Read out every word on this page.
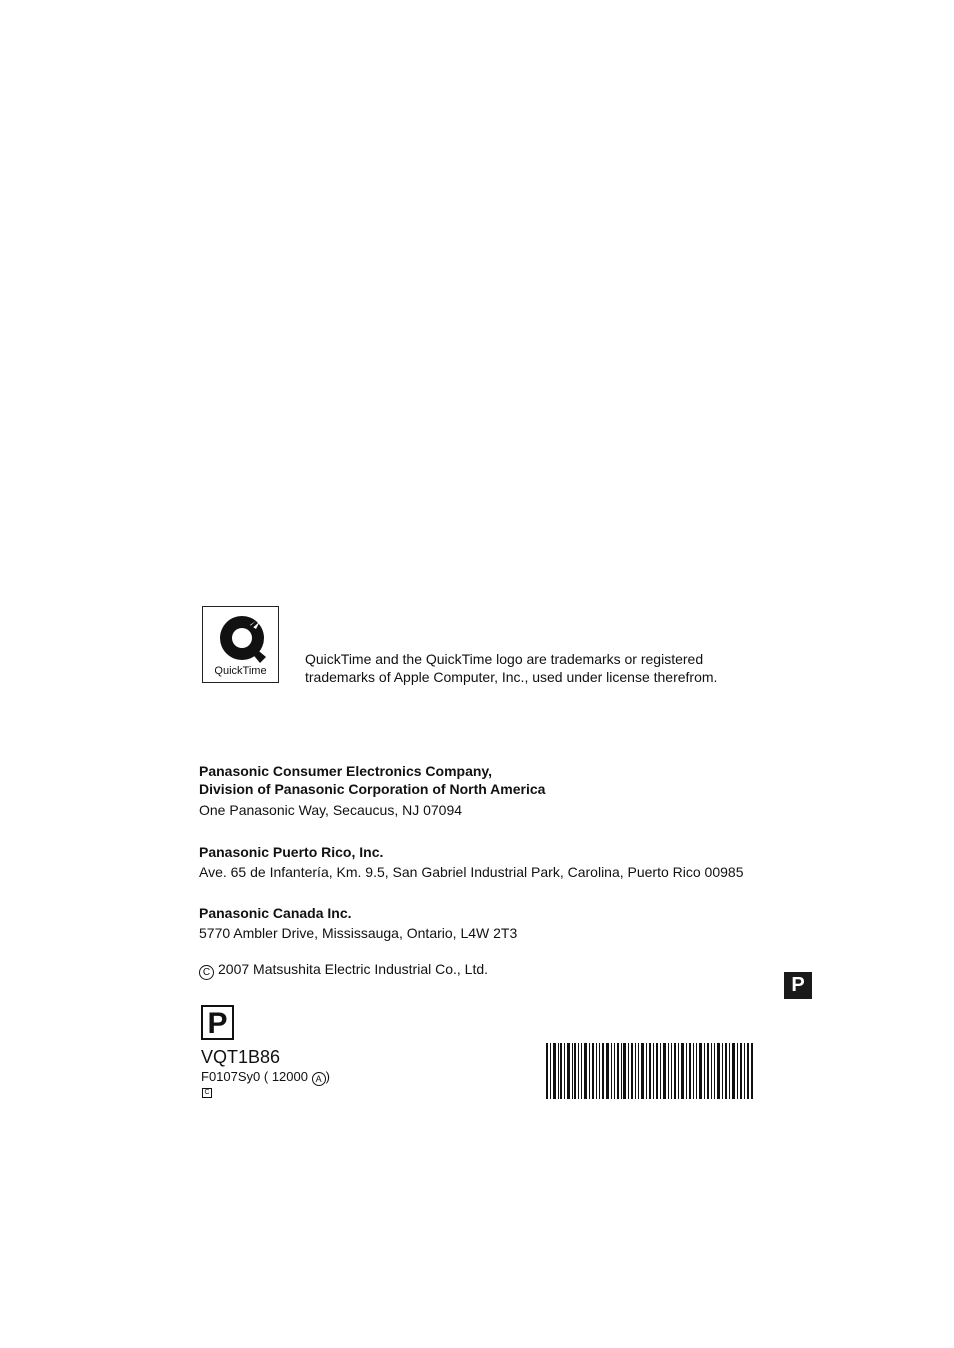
QuickTime
QuickTime and the QuickTime logo are trademarks or registered
trademarks of Apple Computer, Inc., used under license therefrom.
Panasonic Consumer Electronics Company,
Division of Panasonic Corporation of North America
One Panasonic Way, Secaucus, NJ 07094
Panasonic Puerto Rico, Inc.
Ave. 65 de Infantería, Km. 9.5, San Gabriel Industrial Park, Carolina, Puerto Rico 00985
Panasonic Canada Inc.
5770 Ambler Drive, Mississauga, Ontario, L4W 2T3
C 2007 Matsushita Electric Industrial Co., Ltd.
P
P
VQT1B86
F0107Sy0 ( 12000 A )
C
